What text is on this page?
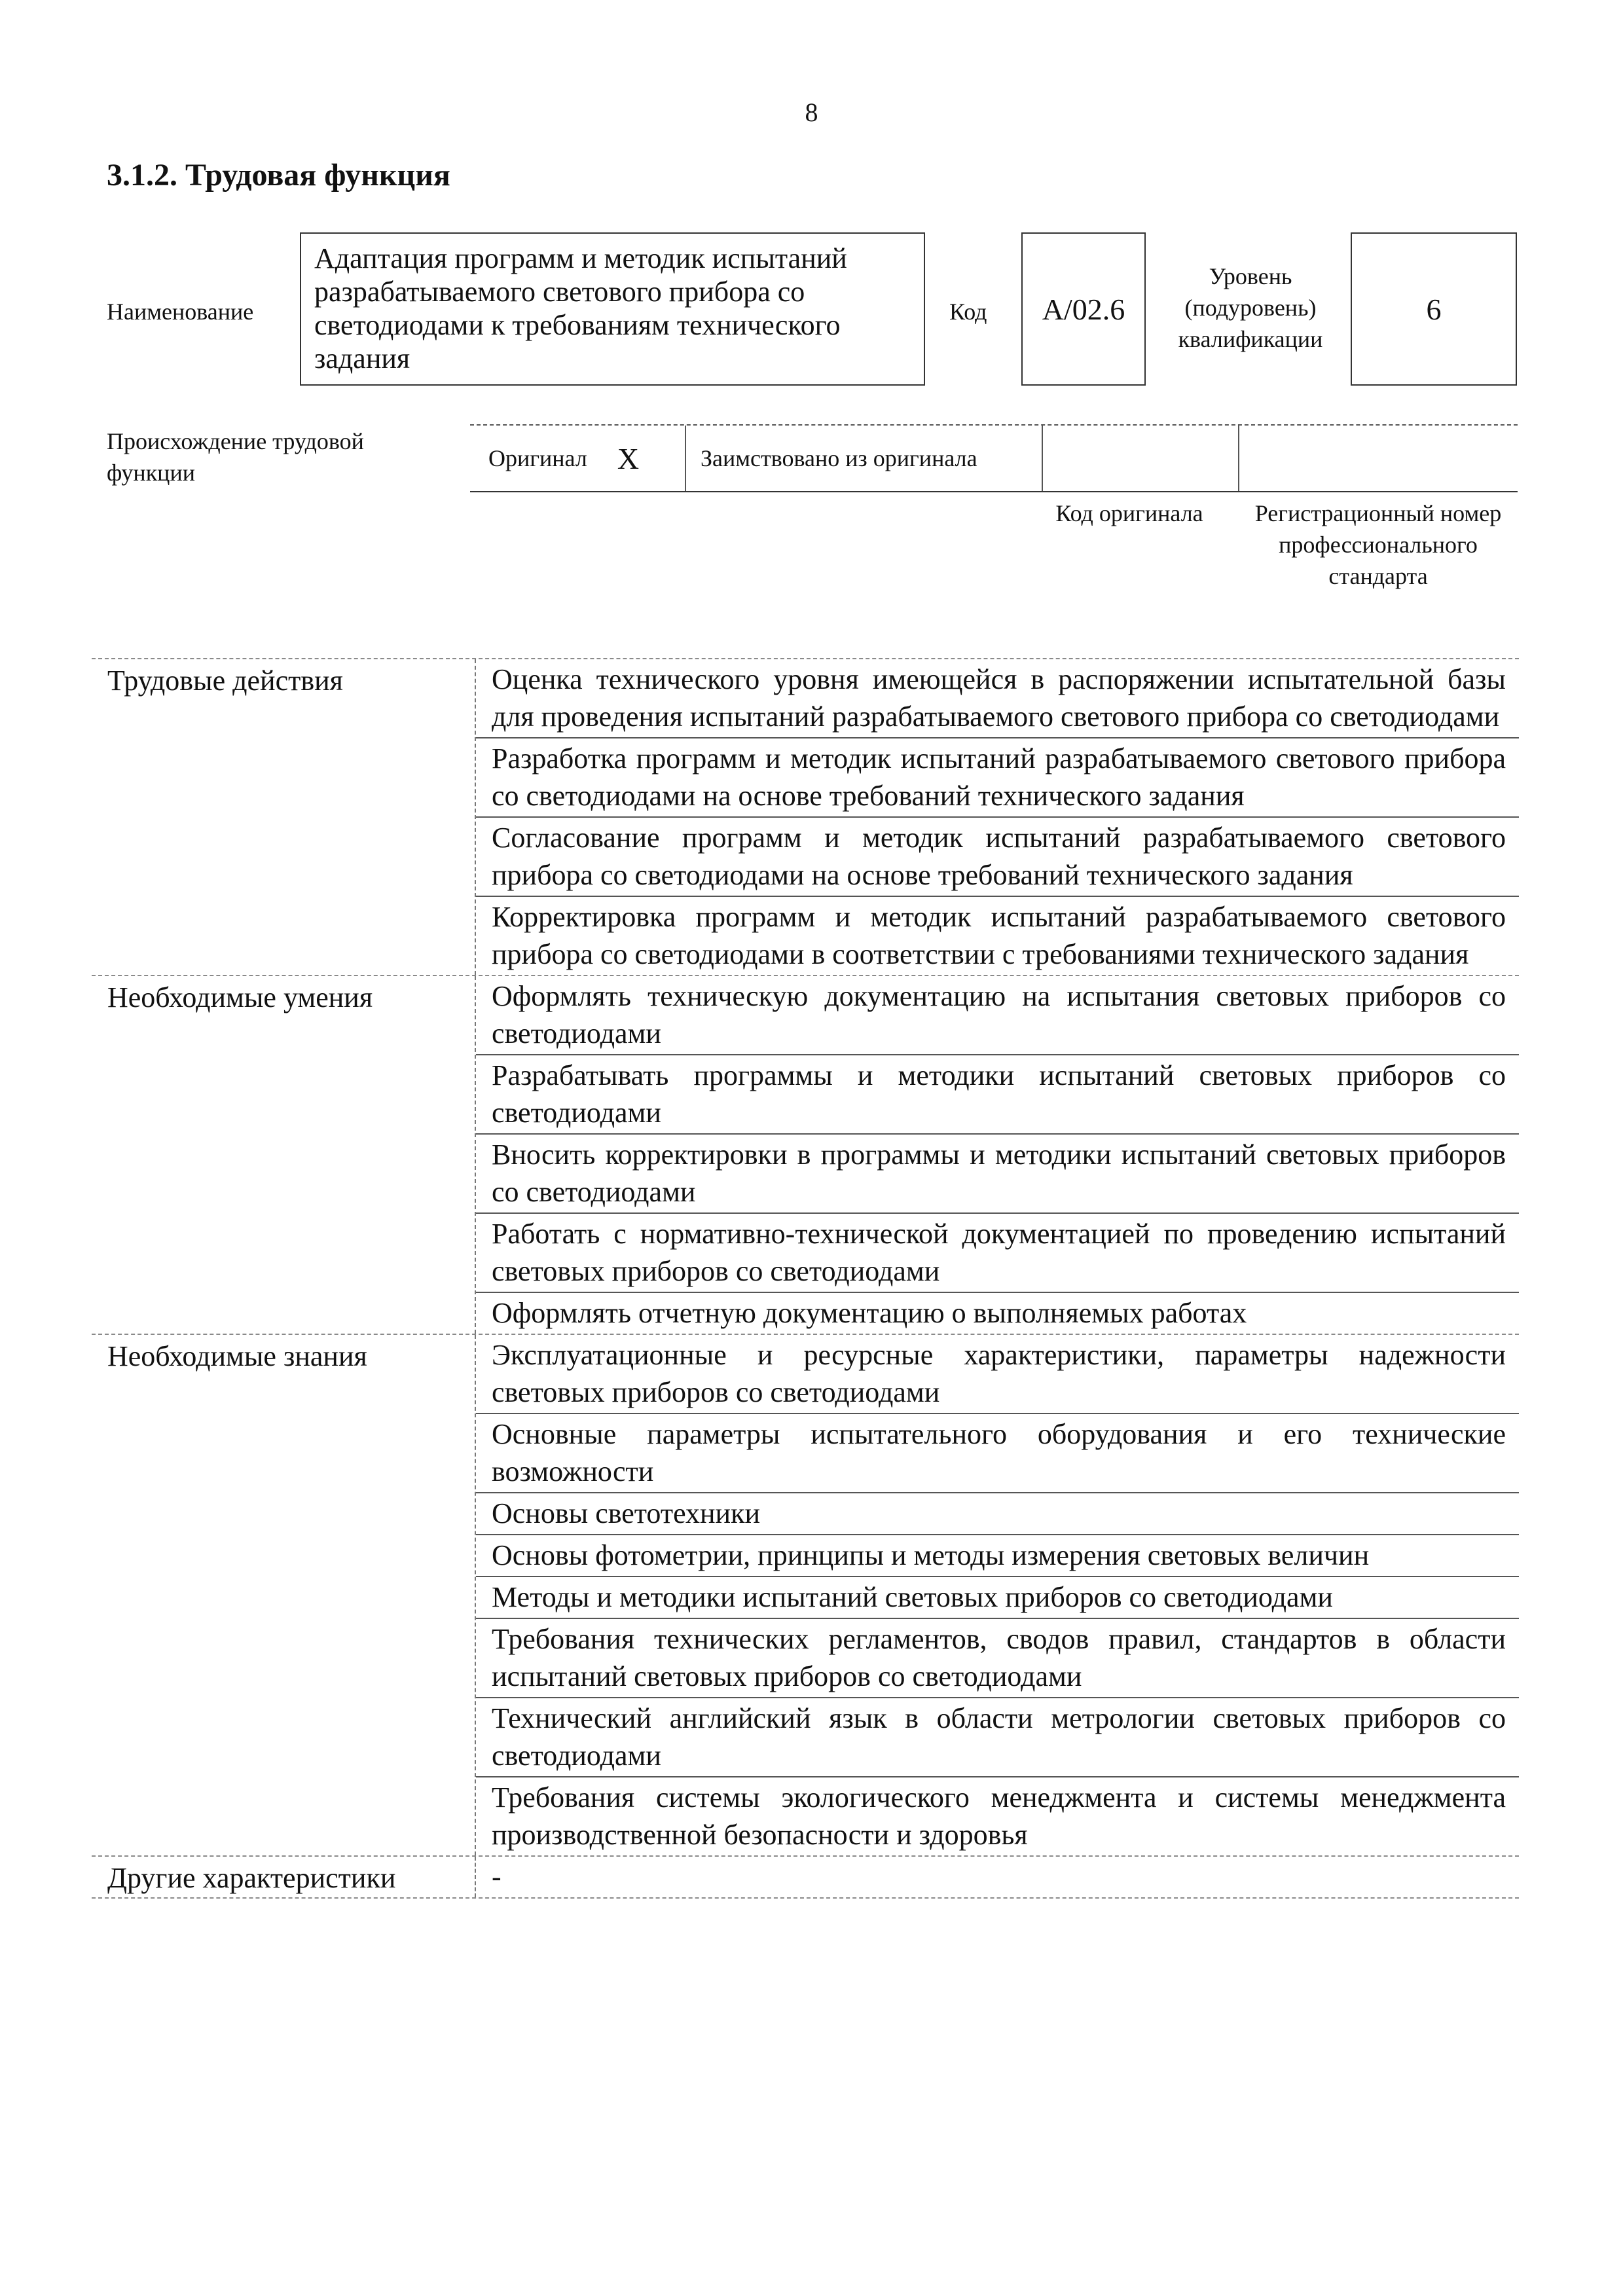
8
3.1.2. Трудовая функция
Наименование
Адаптация программ и методик испытаний разрабатываемого светового прибора со светодиодами к требованиям технического задания
Код	A/02.6
Уровень (подуровень) квалификации
6
Происхождение трудовой функции
Оригинал X	Заимствовано из оригинала
Код оригинала	Регистрационный номер профессионального стандарта
Трудовые действия	Оценка технического уровня имеющейся в распоряжении испытательной базы для проведения испытаний разрабатываемого светового прибора со светодиодами
Разработка программ и методик испытаний разрабатываемого светового прибора со светодиодами на основе требований технического задания
Согласование программ и методик испытаний разрабатываемого светового прибора со светодиодами на основе требований технического задания
Корректировка программ и методик испытаний разрабатываемого светового прибора со светодиодами в соответствии с требованиями технического задания
Необходимые умения	Оформлять техническую документацию на испытания световых приборов со светодиодами
Разрабатывать программы и методики испытаний световых приборов со светодиодами
Вносить корректировки в программы и методики испытаний световых приборов со светодиодами
Работать с нормативно-технической документацией по проведению испытаний световых приборов со светодиодами
Оформлять отчетную документацию о выполняемых работах
Необходимые знания	Эксплуатационные и ресурсные характеристики, параметры надежности световых приборов со светодиодами
Основные параметры испытательного оборудования и его технические возможности
Основы светотехники
Основы фотометрии, принципы и методы измерения световых величин
Методы и методики испытаний световых приборов со светодиодами
Требования технических регламентов, сводов правил, стандартов в области испытаний световых приборов со светодиодами
Технический английский язык в области метрологии световых приборов со светодиодами
Требования системы экологического менеджмента и системы менеджмента производственной безопасности и здоровья
Другие характеристики	-
